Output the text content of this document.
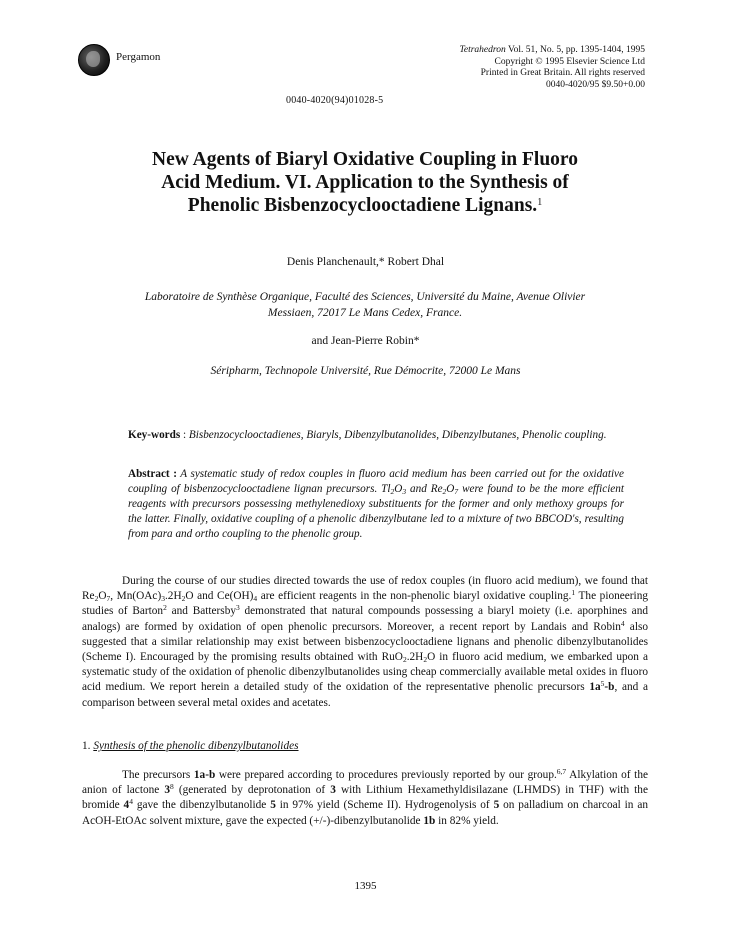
Pergamon
Tetrahedron Vol. 51, No. 5, pp. 1395-1404, 1995
Copyright © 1995 Elsevier Science Ltd
Printed in Great Britain. All rights reserved
0040-4020/95 $9.50+0.00
0040-4020(94)01028-5
New Agents of Biaryl Oxidative Coupling in Fluoro
Acid Medium. VI. Application to the Synthesis of
Phenolic Bisbenzocyclooctadiene Lignans.$^1$
Denis Planchenault,* Robert Dhal
Laboratoire de Synthèse Organique, Faculté des Sciences, Université du Maine, Avenue Olivier
Messiaen, 72017 Le Mans Cedex, France.
and Jean-Pierre Robin*
Séripharm, Technopole Université, Rue Démocrite, 72000 Le Mans
Key-words : Bisbenzocyclooctadienes, Biaryls, Dibenzylbutanolides, Dibenzylbutanes, Phenolic coupling.
Abstract : A systematic study of redox couples in fluoro acid medium has been carried out for the oxidative coupling of bisbenzocyclooctadiene lignan precursors. $Tl_2O_3$ and $Re_2O_7$ were found to be the more efficient reagents with precursors possessing methylenedioxy substituents for the former and only methoxy groups for the latter. Finally, oxidative coupling of a phenolic dibenzylbutane led to a mixture of two BBCOD's, resulting from para and ortho coupling to the phenolic group.
During the course of our studies directed towards the use of redox couples (in fluoro acid medium), we found that $Re_2O_7$, $Mn(OAc)_3.2H_2O$ and $Ce(OH)_4$ are efficient reagents in the non-phenolic biaryl oxidative coupling.$^1$ The pioneering studies of Barton$^2$ and Battersby$^3$ demonstrated that natural compounds possessing a biaryl moiety (i.e. aporphines and analogs) are formed by oxidation of open phenolic precursors. Moreover, a recent report by Landais and Robin$^4$ also suggested that a similar relationship may exist between bisbenzocyclooctadiene lignans and phenolic dibenzylbutanolides (Scheme I). Encouraged by the promising results obtained with $RuO_2.2H_2O$ in fluoro acid medium, we embarked upon a systematic study of the oxidation of phenolic dibenzylbutanolides using cheap commercially available metal oxides in fluoro acid medium. We report herein a detailed study of the oxidation of the representative phenolic precursors $1a^5-b$, and a comparison between several metal oxides and acetates.
1. Synthesis of the phenolic dibenzylbutanolides
The precursors 1a-b were prepared according to procedures previously reported by our group.$^{6,7}$ Alkylation of the anion of lactone $3^8$ (generated by deprotonation of 3 with Lithium Hexamethyldisilazane (LHMDS) in THF) with the bromide $4^4$ gave the dibenzylbutanolide 5 in 97% yield (Scheme II). Hydrogenolysis of 5 on palladium on charcoal in an AcOH-EtOAc solvent mixture, gave the expected (+/-)-dibenzylbutanolide 1b in 82% yield.
1395
